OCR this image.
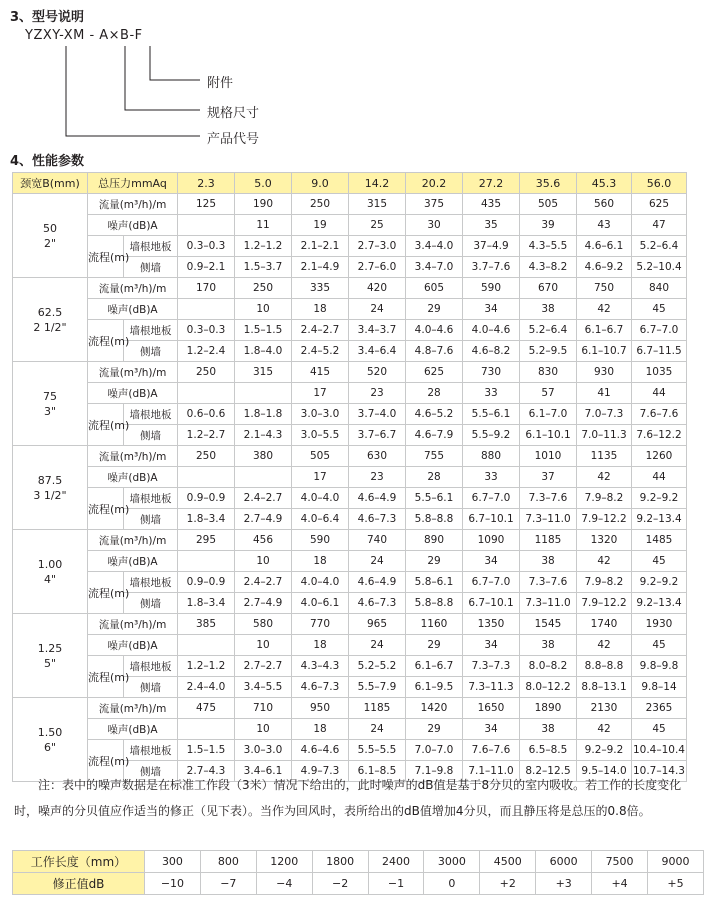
3、型号说明
YZXY-XM - A×B-F
附件
规格尺寸
产品代号
4、性能参数
颈宽B(mm)	总压力mmAq		2.3	5.0	9.0	14.2	20.2	27.2	35.6	45.3	56.0

50
2"	流量(m³/h)/m		125	190	250	315	375	435	505	560	625
	噪声(dB)A			11	19	25	30	35	39	43	47
	流程(m)	墙根地板	0.3–0.3	1.2–1.2	2.1–2.1	2.7–3.0	3.4–4.0	37–4.9	4.3–5.5	4.6–6.1	5.2–6.4
		侧墙	0.9–2.1	1.5–3.7	2.1–4.9	2.7–6.0	3.4–7.0	3.7–7.6	4.3–8.2	4.6–9.2	5.2–10.4

62.5
2 1/2"	流量(m³/h)/m		170	250	335	420	605	590	670	750	840
	噪声(dB)A			10	18	24	29	34	38	42	45
	流程(m)	墙根地板	0.3–0.3	1.5–1.5	2.4–2.7	3.4–3.7	4.0–4.6	4.0–4.6	5.2–6.4	6.1–6.7	6.7–7.0
		侧墙	1.2–2.4	1.8–4.0	2.4–5.2	3.4–6.4	4.8–7.6	4.6–8.2	5.2–9.5	6.1–10.7	6.7–11.5

75
3"	流量(m³/h)/m		250	315	415	520	625	730	830	930	1035
	噪声(dB)A				17	23	28	33	57	41	44
	流程(m)	墙根地板	0.6–0.6	1.8–1.8	3.0–3.0	3.7–4.0	4.6–5.2	5.5–6.1	6.1–7.0	7.0–7.3	7.6–7.6
		侧墙	1.2–2.7	2.1–4.3	3.0–5.5	3.7–6.7	4.6–7.9	5.5–9.2	6.1–10.1	7.0–11.3	7.6–12.2

87.5
3 1/2"	流量(m³/h)/m		250	380	505	630	755	880	1010	1135	1260
	噪声(dB)A				17	23	28	33	37	42	44
	流程(m)	墙根地板	0.9–0.9	2.4–2.7	4.0–4.0	4.6–4.9	5.5–6.1	6.7–7.0	7.3–7.6	7.9–8.2	9.2–9.2
		侧墙	1.8–3.4	2.7–4.9	4.0–6.4	4.6–7.3	5.8–8.8	6.7–10.1	7.3–11.0	7.9–12.2	9.2–13.4

1.00
4"	流量(m³/h)/m		295	456	590	740	890	1090	1185	1320	1485
	噪声(dB)A			10	18	24	29	34	38	42	45
	流程(m)	墙根地板	0.9–0.9	2.4–2.7	4.0–4.0	4.6–4.9	5.8–6.1	6.7–7.0	7.3–7.6	7.9–8.2	9.2–9.2
		侧墙	1.8–3.4	2.7–4.9	4.0–6.1	4.6–7.3	5.8–8.8	6.7–10.1	7.3–11.0	7.9–12.2	9.2–13.4

1.25
5"	流量(m³/h)/m		385	580	770	965	1160	1350	1545	1740	1930
	噪声(dB)A			10	18	24	29	34	38	42	45
	流程(m)	墙根地板	1.2–1.2	2.7–2.7	4.3–4.3	5.2–5.2	6.1–6.7	7.3–7.3	8.0–8.2	8.8–8.8	9.8–9.8
		侧墙	2.4–4.0	3.4–5.5	4.6–7.3	5.5–7.9	6.1–9.5	7.3–11.3	8.0–12.2	8.8–13.1	9.8–14

1.50
6"	流量(m³/h)/m		475	710	950	1185	1420	1650	1890	2130	2365
	噪声(dB)A			10	18	24	29	34	38	42	45
	流程(m)	墙根地板	1.5–1.5	3.0–3.0	4.6–4.6	5.5–5.5	7.0–7.0	7.6–7.6	6.5–8.5	9.2–9.2	10.4–10.4
		侧墙	2.7–4.3	3.4–6.1	4.9–7.3	6.1–8.5	7.1–9.8	7.1–11.0	8.2–12.5	9.5–14.0	10.7–14.3

注：表中的噪声数据是在标准工作段（3米）情况下给出的，此时噪声的dB值是基于8分贝的室内吸收。若工作的长度变化时，噪声的分贝值应作适当的修正（见下表）。当作为回风时，表所给出的dB值增加4分贝，而且静压将是总压的0.8倍。

工作长度（mm）	300	800	1200	1800	2400	3000	4500	6000	7500	9000
修正值dB	−10	−7	−4	−2	−1	0	+2	+3	+4	+5
